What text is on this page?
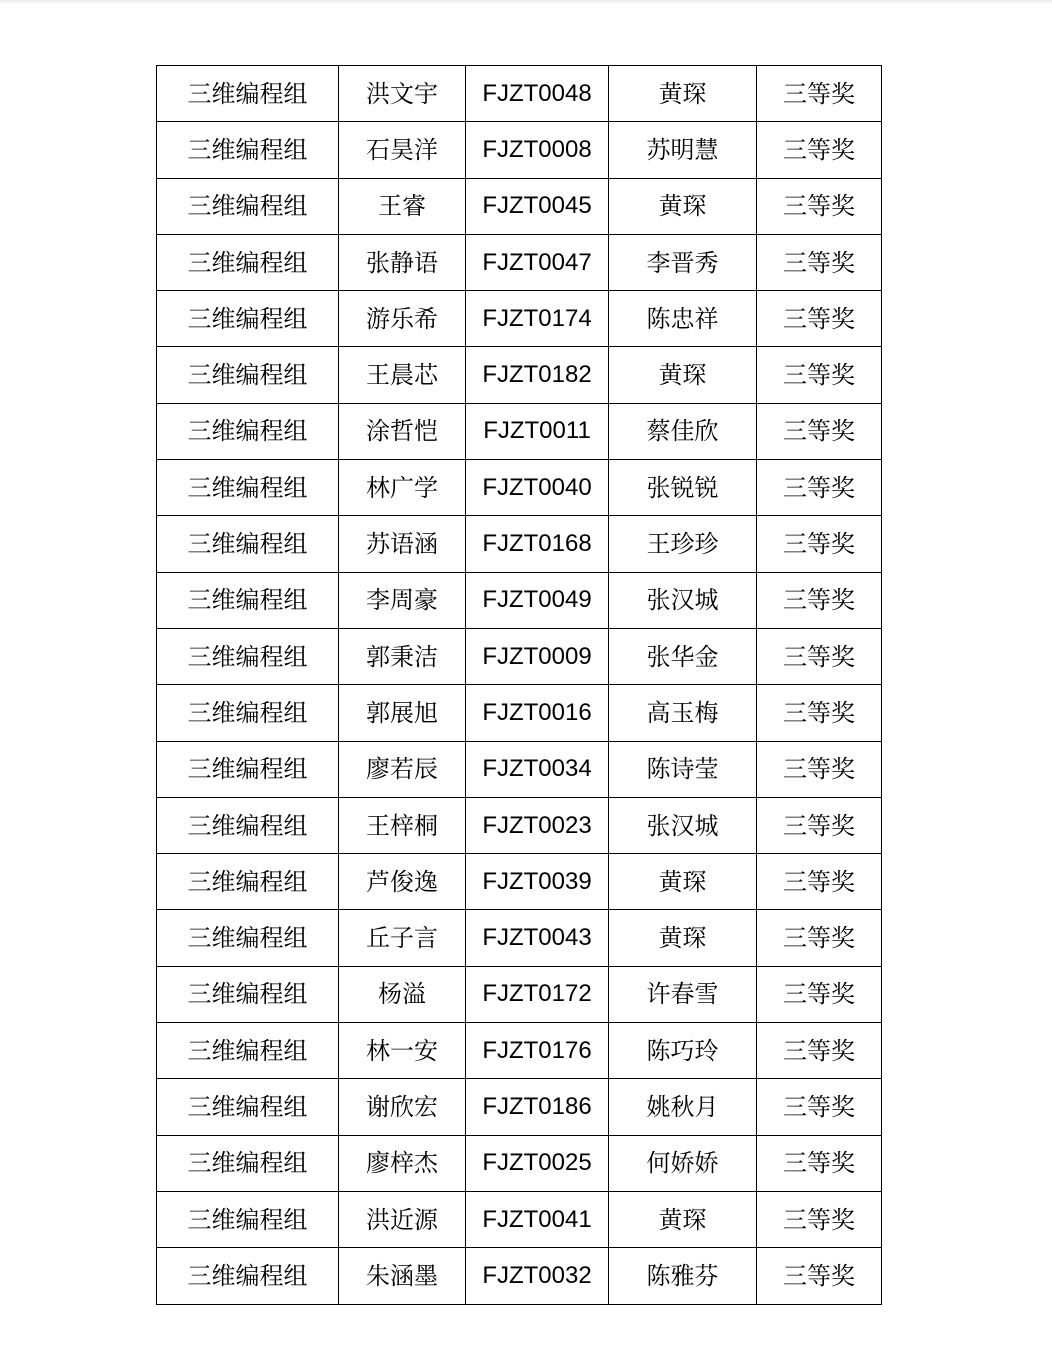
三维编程组	洪文宇	FJZT0048	黄琛	三等奖
三维编程组	石昊洋	FJZT0008	苏明慧	三等奖
三维编程组	王睿	FJZT0045	黄琛	三等奖
三维编程组	张静语	FJZT0047	李晋秀	三等奖
三维编程组	游乐希	FJZT0174	陈忠祥	三等奖
三维编程组	王晨芯	FJZT0182	黄琛	三等奖
三维编程组	涂哲恺	FJZT0011	蔡佳欣	三等奖
三维编程组	林广学	FJZT0040	张锐锐	三等奖
三维编程组	苏语涵	FJZT0168	王珍珍	三等奖
三维编程组	李周豪	FJZT0049	张汉城	三等奖
三维编程组	郭秉洁	FJZT0009	张华金	三等奖
三维编程组	郭展旭	FJZT0016	高玉梅	三等奖
三维编程组	廖若辰	FJZT0034	陈诗莹	三等奖
三维编程组	王梓桐	FJZT0023	张汉城	三等奖
三维编程组	芦俊逸	FJZT0039	黄琛	三等奖
三维编程组	丘子言	FJZT0043	黄琛	三等奖
三维编程组	杨溢	FJZT0172	许春雪	三等奖
三维编程组	林一安	FJZT0176	陈巧玲	三等奖
三维编程组	谢欣宏	FJZT0186	姚秋月	三等奖
三维编程组	廖梓杰	FJZT0025	何娇娇	三等奖
三维编程组	洪近源	FJZT0041	黄琛	三等奖
三维编程组	朱涵墨	FJZT0032	陈雅芬	三等奖
